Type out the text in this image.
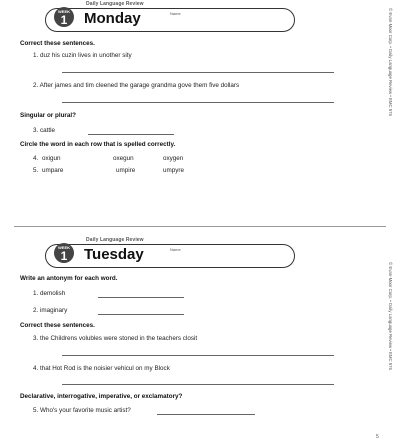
Daily Language Review
WEEK
1	Monday	Name
Correct these sentences.
1. duz his cuzin lives in unother sity
2. After james and tim cleened the garage grandma gove them five dollars
Singular or plural?
3. cattle
Circle the word in each row that is spelled correctly.
4. oxigun	oxegun	oxygen
5. umpare	umpire	umpyre
© Evan-Moor Corp. • Daily Language Review • EMC 576
Daily Language Review
WEEK
1	Tuesday	Name
Write an antonym for each word.
1. demolish
2. imaginary
Correct these sentences.
3. the Childrens volubles were stoned in the teachers closit
4. that Hot Rod is the noisier vehicul on my Block
Declarative, interrogative, imperative, or exclamatory?
5. Who's your favorite music artist?
© Evan-Moor Corp. • Daily Language Review • EMC 576
5
